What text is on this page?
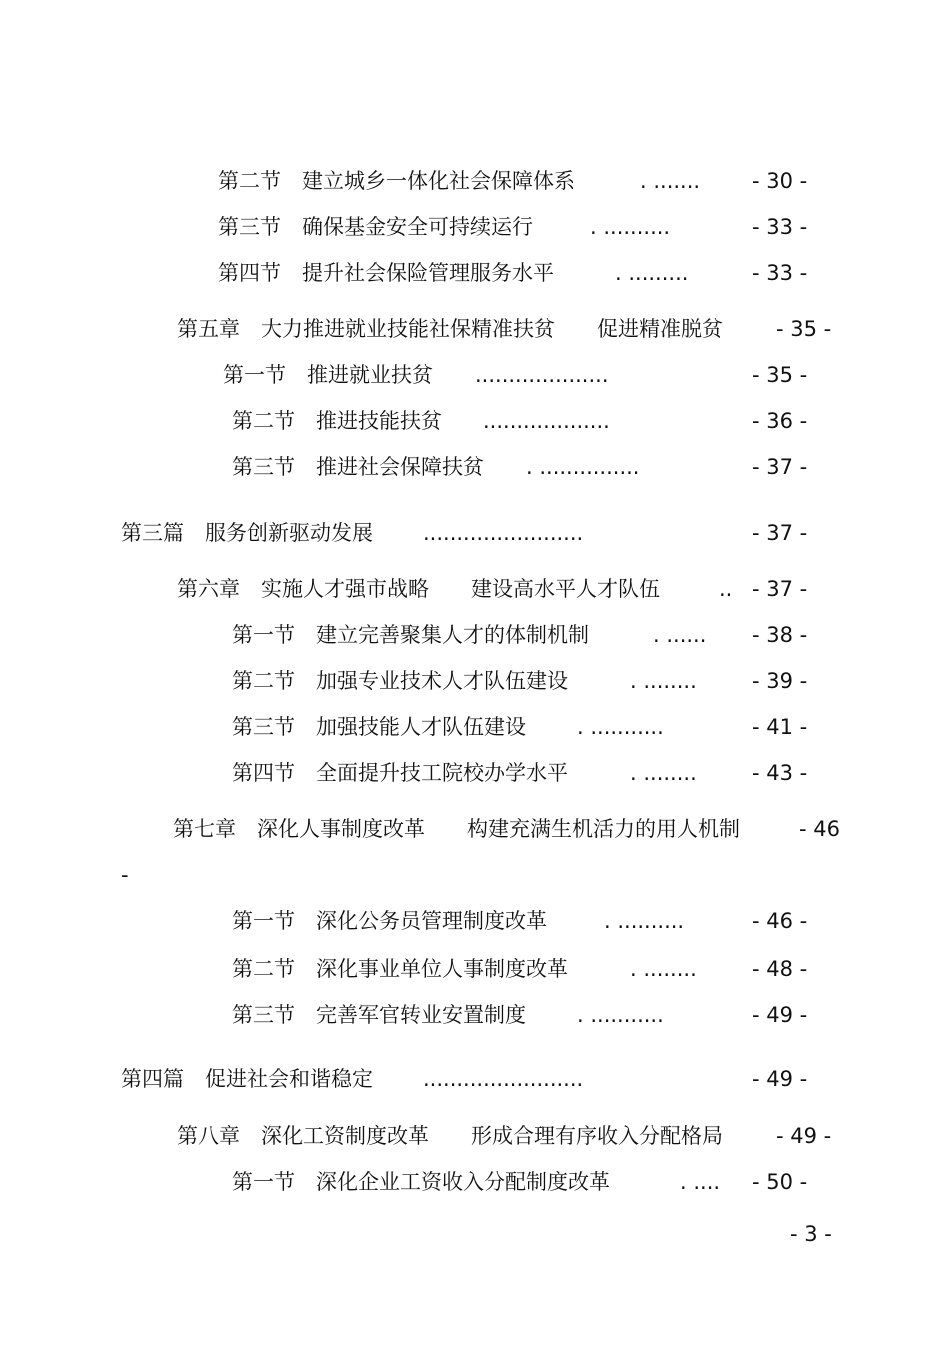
第二节　建立城乡一体化社会保障体系	. ....... - 30 -
第三节　确保基金安全可持续运行	. ..........	- 33 -
第四节　提升社会保险管理服务水平	. .........	- 33 -
第五章　大力推进就业技能社保精准扶贫　　促进精准脱贫	- 35 -
第一节　推进就业扶贫 ....................	- 35 -
第二节　推进技能扶贫 ...................	- 36 -
第三节　推进社会保障扶贫 . ...............	- 37 -
第三篇　服务创新驱动发展 ........................	- 37 -
第六章　实施人才强市战略　　建设高水平人才队伍	.. - 37 -
第一节　建立完善聚集人才的体制机制	. ...... - 38 -
第二节　加强专业技术人才队伍建设	. ........	- 39 -
第三节　加强技能人才队伍建设 . ...........	- 41 -
第四节　全面提升技工院校办学水平	. ........	- 43 -
第七章　深化人事制度改革　　构建充满生机活力的用人机制	- 46
-
第一节　深化公务员管理制度改革	. ..........	- 46 -
第二节　深化事业单位人事制度改革	. ........	- 48 -
第三节　完善军官转业安置制度 . ...........	- 49 -
第四篇　促进社会和谐稳定 ........................	- 49 -
第八章　深化工资制度改革　　形成合理有序收入分配格局	- 49 -
第一节　深化企业工资收入分配制度改革	. .... - 50 -
- 3 -
